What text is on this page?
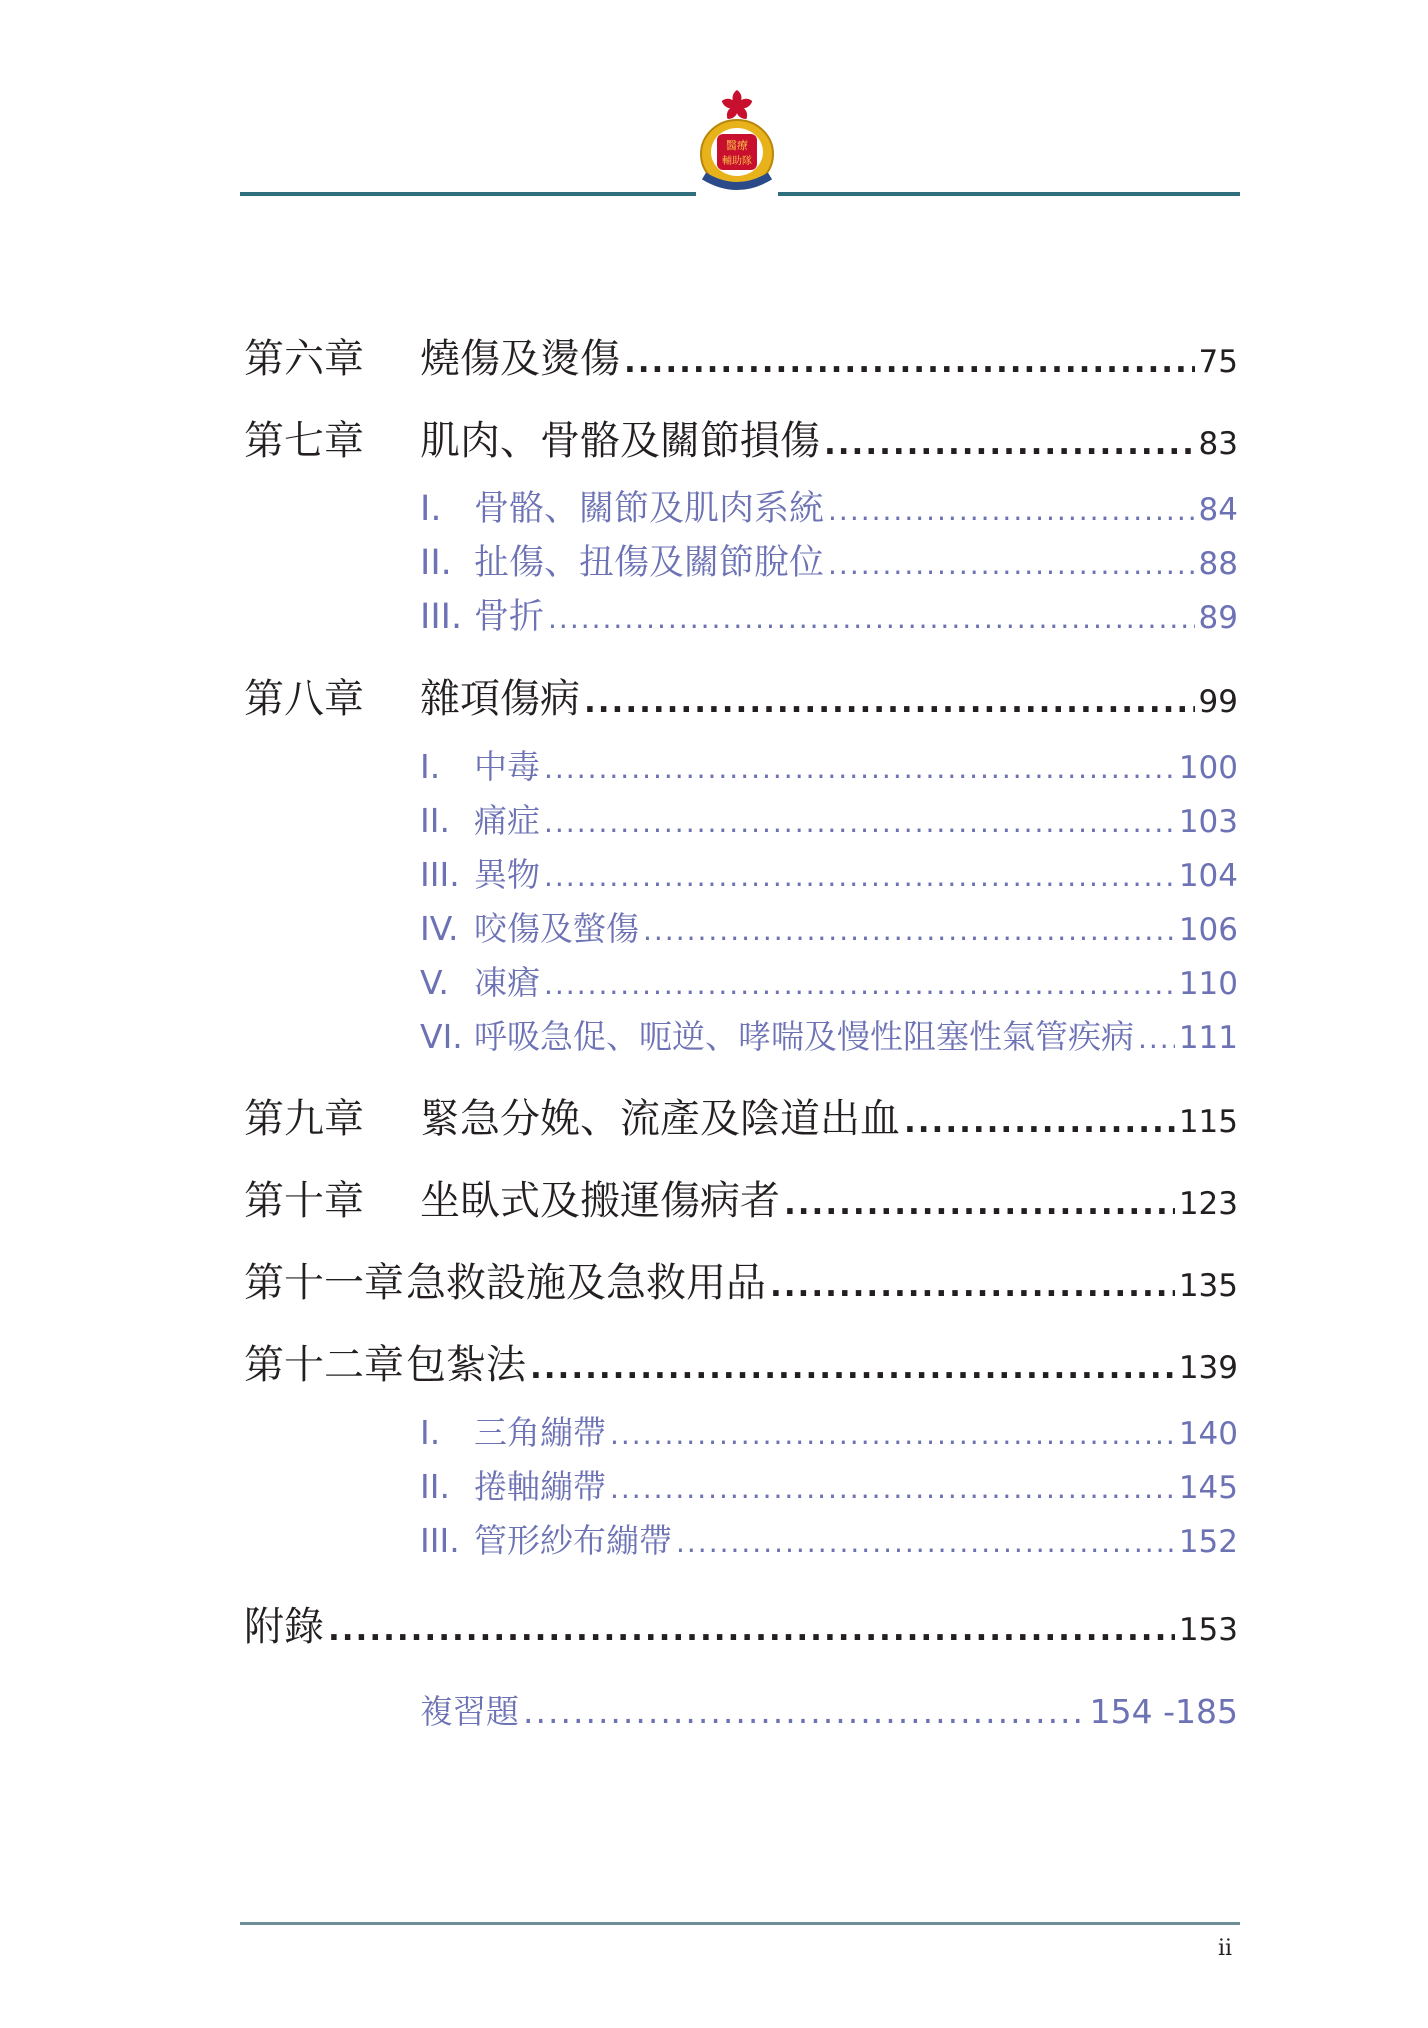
醫療
輔助隊
第六章	燒傷及燙傷 .....	75
第七章	肌肉、骨骼及關節損傷 .....	83
I. 骨骼、關節及肌肉系統 .....	84
II. 扯傷、扭傷及關節脫位 .....	88
III. 骨折 .....	89
第八章	雜項傷病 .....	99
I.	中毒 .....	100
II. 痛症 .....	103
III. 異物 .....	104
IV. 咬傷及螫傷 .....	106
V. 凍瘡 .....	110
VI. 呼吸急促、呃逆、哮喘及慢性阻塞性氣管疾病 ..... 111
第九章	緊急分娩、流產及陰道出血 .....	115
第十章	坐臥式及搬運傷病者 .....	123
第十一章 急救設施及急救用品 .....	135
第十二章 包紮法 .....	139
I.	三角繃帶 .....	140
II. 捲軸繃帶 .....	145
III. 管形紗布繃帶 .....	152
附錄 .....	153
複習題 .....	154 -185
ii
